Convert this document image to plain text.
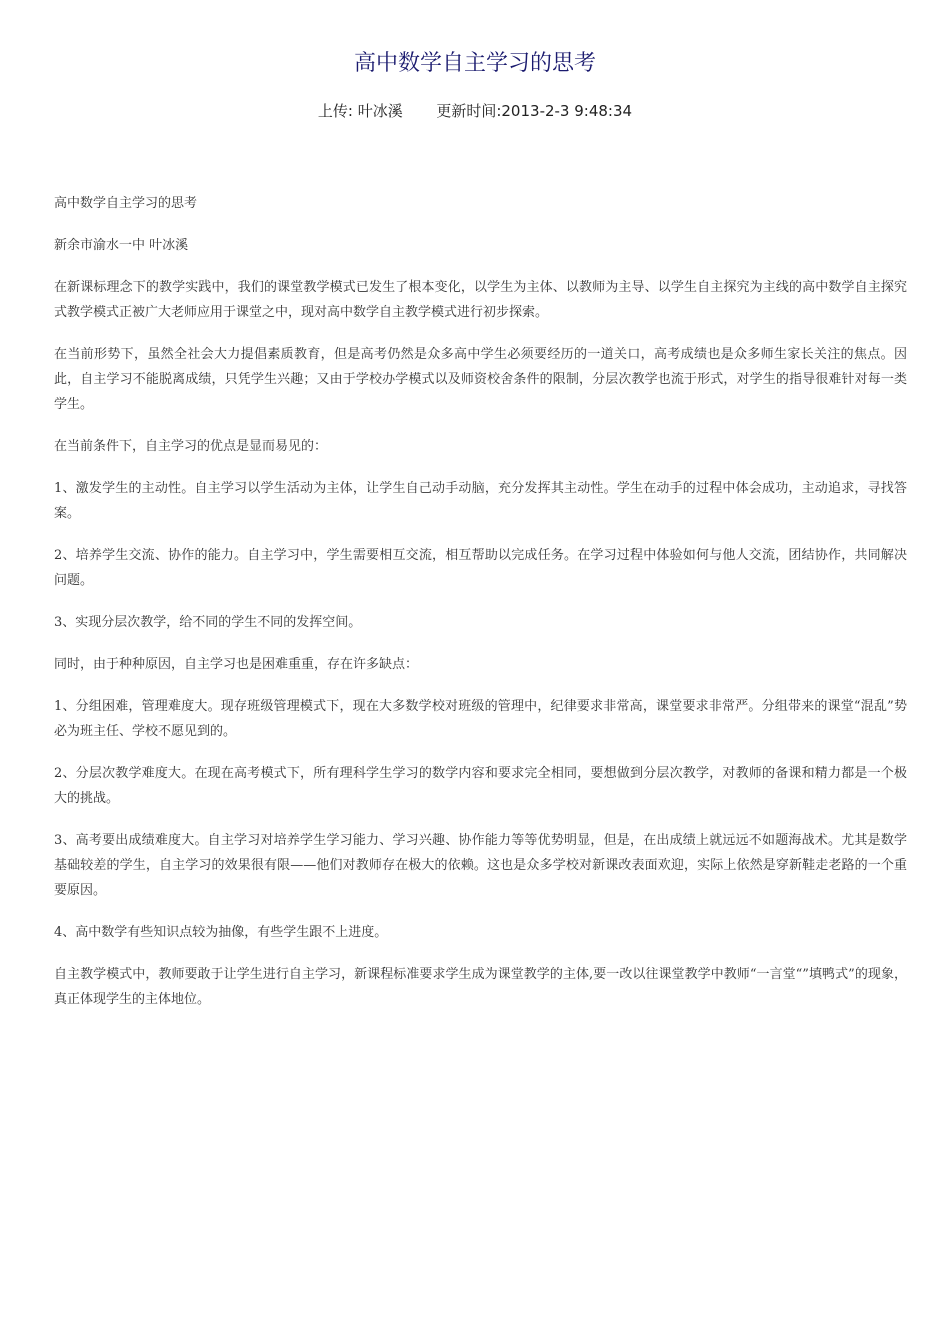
高中数学自主学习的思考
上传: 叶冰溪 更新时间:2013-2-3 9:48:34

高中数学自主学习的思考

新余市渝水一中 叶冰溪

在新课标理念下的教学实践中，我们的课堂教学模式已发生了根本变化，以学生为主体、以教师为主导、以学生自主探究为主线的高中数学自主探究式教学模式正被广大老师应用于课堂之中，现对高中数学自主教学模式进行初步探索。

在当前形势下，虽然全社会大力提倡素质教育，但是高考仍然是众多高中学生必须要经历的一道关口，高考成绩也是众多师生家长关注的焦点。因此，自主学习不能脱离成绩，只凭学生兴趣；又由于学校办学模式以及师资校舍条件的限制，分层次教学也流于形式，对学生的指导很难针对每一类学生。

在当前条件下，自主学习的优点是显而易见的：

1、激发学生的主动性。自主学习以学生活动为主体，让学生自己动手动脑，充分发挥其主动性。学生在动手的过程中体会成功，主动追求，寻找答案。

2、培养学生交流、协作的能力。自主学习中，学生需要相互交流，相互帮助以完成任务。在学习过程中体验如何与他人交流，团结协作，共同解决问题。

3、实现分层次教学，给不同的学生不同的发挥空间。

同时，由于种种原因，自主学习也是困难重重，存在许多缺点：

1、分组困难，管理难度大。现存班级管理模式下，现在大多数学校对班级的管理中，纪律要求非常高，课堂要求非常严。分组带来的课堂“混乱”势必为班主任、学校不愿见到的。

2、分层次教学难度大。在现在高考模式下，所有理科学生学习的数学内容和要求完全相同，要想做到分层次教学，对教师的备课和精力都是一个极大的挑战。

3、高考要出成绩难度大。自主学习对培养学生学习能力、学习兴趣、协作能力等等优势明显，但是，在出成绩上就远远不如题海战术。尤其是数学基础较差的学生，自主学习的效果很有限——他们对教师存在极大的依赖。这也是众多学校对新课改表面欢迎，实际上依然是穿新鞋走老路的一个重要原因。

4、高中数学有些知识点较为抽像，有些学生跟不上进度。

自主教学模式中，教师要敢于让学生进行自主学习，新课程标准要求学生成为课堂教学的主体,要一改以往课堂教学中教师“一言堂“”填鸭式”的现象，真正体现学生的主体地位。
